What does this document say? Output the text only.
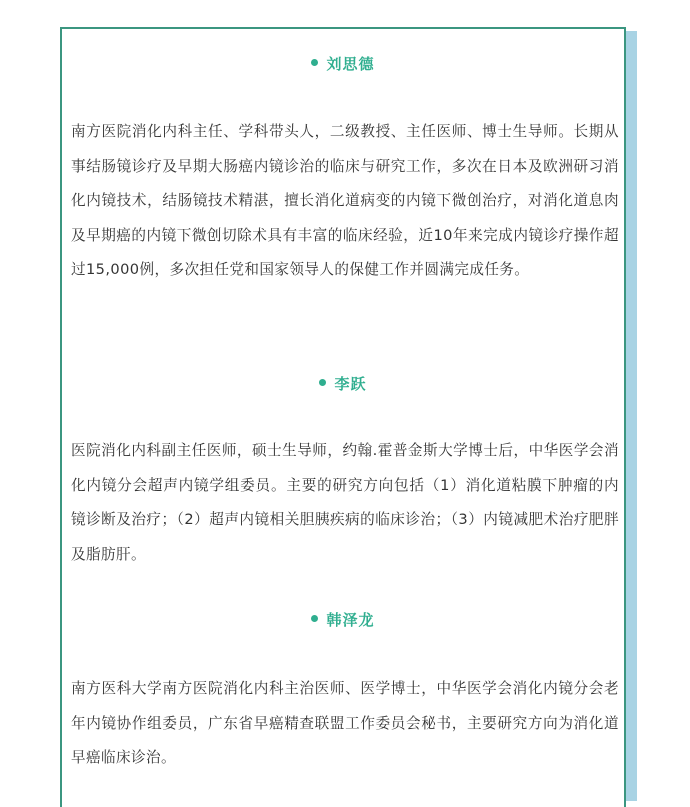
刘思德

南方医院消化内科主任、学科带头人，二级教授、主任医师、博士生导师。长期从事结肠镜诊疗及早期大肠癌内镜诊治的临床与研究工作，多次在日本及欧洲研习消化内镜技术，结肠镜技术精湛，擅长消化道病变的内镜下微创治疗，对消化道息肉及早期癌的内镜下微创切除术具有丰富的临床经验，近10年来完成内镜诊疗操作超过15,000例，多次担任党和国家领导人的保健工作并圆满完成任务。

李跃

医院消化内科副主任医师，硕士生导师，约翰.霍普金斯大学博士后，中华医学会消化内镜分会超声内镜学组委员。主要的研究方向包括（1）消化道粘膜下肿瘤的内镜诊断及治疗；（2）超声内镜相关胆胰疾病的临床诊治；（3）内镜减肥术治疗肥胖及脂肪肝。

韩泽龙

南方医科大学南方医院消化内科主治医师、医学博士，中华医学会消化内镜分会老年内镜协作组委员，广东省早癌精查联盟工作委员会秘书，主要研究方向为消化道早癌临床诊治。
